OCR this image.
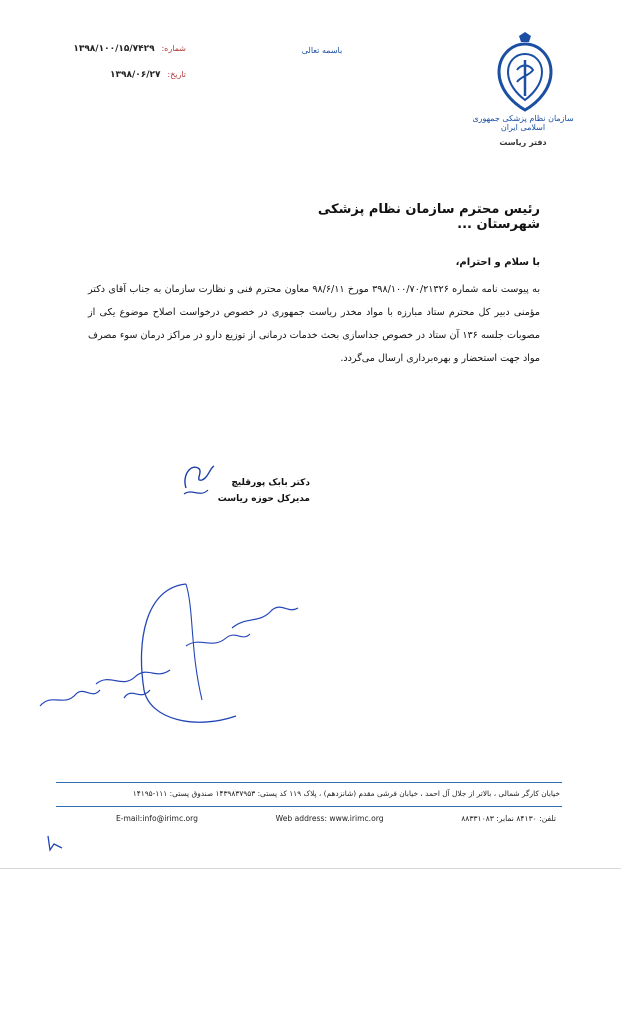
شماره: ۱۳۹۸/۱۰۰/۱۵/۷۴۲۹
تاریخ: ۱۳۹۸/۰۶/۲۷
باسمه تعالی
سازمان نظام پزشکی جمهوری اسلامی ایران
دفتر ریاست
رئیس محترم سازمان نظام پزشکی شهرستان ...
با سلام و احترام،
به پیوست نامه شماره ۳۹۸/۱۰۰/۷۰/۲۱۳۲۶ مورخ ۹۸/۶/۱۱ معاون محترم فنی و نظارت سازمان به جناب آقای دکتر مؤمنی دبیر کل محترم ستاد مبارزه با مواد مخدر ریاست جمهوری در خصوص درخواست اصلاح موضوع یکی از مصوبات جلسه ۱۳۶ آن ستاد در خصوص جداسازی بحث خدمات درمانی از توزیع دارو در مراکز درمان سوء مصرف مواد جهت استحضار و بهره‌برداری ارسال می‌گردد.
دکتر بابک پورقلیچ
مدیرکل حوزه ریاست
خیابان کارگر شمالی ، بالاتر از جلال آل احمد ، خیابان فرشی مقدم (شانزدهم) ، پلاک ۱۱۹ کد پستی: ۱۴۳۹۸۳۷۹۵۳ صندوق پستی: ۱۱۱-۱۴۱۹۵
E-mail:info@irimc.org	Web address: www.irimc.org	تلفن: ۸۴۱۳۰ نمابر: ۸۸۳۳۱۰۸۳
